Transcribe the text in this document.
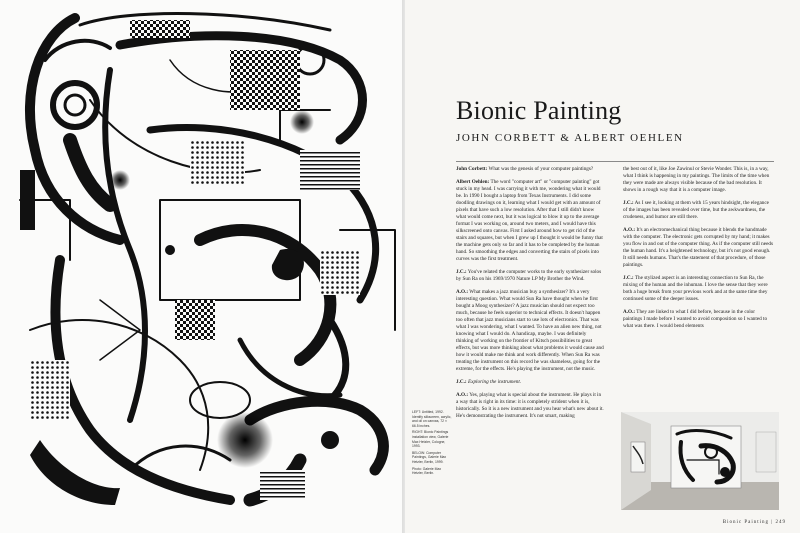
Bionic Painting
JOHN CORBETT & ALBERT OEHLEN

John Corbett: What was the genesis of your computer paintings?

Albert Oehlen: The word "computer art" or "computer painting" got stuck in my head. I was carrying it with me, wondering what it would be. In 1990 I bought a laptop from Texas Instruments. I did some doodling drawings on it, learning what I would get with an amount of pixels that have such a low resolution. After that I still didn't know what would come next, but it was logical to blow it up to the average format I was working on, around two meters, and I would have this silkscreened onto canvas. First I asked around how to get rid of the stairs and squares, but when I grew up I thought it would be funny that the machine gets only so far and it has to be completed by the human hand. So smoothing the edges and converting the stairs of pixels into curves was the first treatment.

J.C.: You've related the computer works to the early synthesizer solos by Sun Ra on his 1969/1970 Nature LP My Brother the Wind.

A.O.: What makes a jazz musician buy a synthesizer? It's a very interesting question. What would Sun Ra have thought when he first bought a Moog synthesizer? A jazz musician should not expect too much, because he feels superior to technical effects. It doesn't happen too often that jazz musicians start to use lots of electronics. That was what I was wondering, what I wanted. To have an alien new thing, not knowing what I would do. A handicap, maybe. I was definitely thinking of working on the frontier of Kitsch possibilities to great effects, but was more thinking about what problems it would cause and how it would make me think and work differently. When Sun Ra was treating the instrument on this record he was shameless, going for the extreme, for the effects. He's playing the instrument, not the music.

J.C.: Exploring the instrument.

A.O.: Yes, playing what is special about the instrument. He plays it in a way that is right in its time: it is completely strident when it is, historically. So it is a new instrument and you hear what's new about it. He's demonstrating the instrument. It's not smart, making

the best out of it, like Joe Zawinul or Stevie Wonder. This is, in a way, what I think is happening in my paintings. The limits of the time when they were made are always visible because of the bad resolution. It shows in a rough way that it is a computer image.

J.C.: As I see it, looking at them with 15 years hindsight, the elegance of the images has been revealed over time, but the awkwardness, the crudeness, and humor are still there.

A.O.: It's an electromechanical thing because it blends the handmade with the computer. The electronic gets corrupted by my hand; it makes you flow in and out of the computer thing. As if the computer still needs the human hand. It's a heightened technology, but it's not good enough. It still needs humans. That's the statement of that procedure, of those paintings.

J.C.: The stylized aspect is an interesting connection to Sun Ra, the mixing of the human and the inhuman. I love the sense that they were both a huge break from your previous work and at the same time they continued some of the deeper issues.

A.O.: They are linked to what I did before, because in the color paintings I made before I wanted to avoid composition so I wanted to what was there. I would bend elements

LEFT: Untitled, 1992. Identify silkscreen, acrylic, and oil on canvas, 72 × 66.5 inches.

RIGHT: Bionic Paintings installation view, Galerie Max Hetzler, Cologne, 1993.

BELOW: Computer Paintings, Galerie Max Hetzler, Berlin, 1999.

Photo: Galerie Max Hetzler, Berlin.

Bionic Painting | 249
